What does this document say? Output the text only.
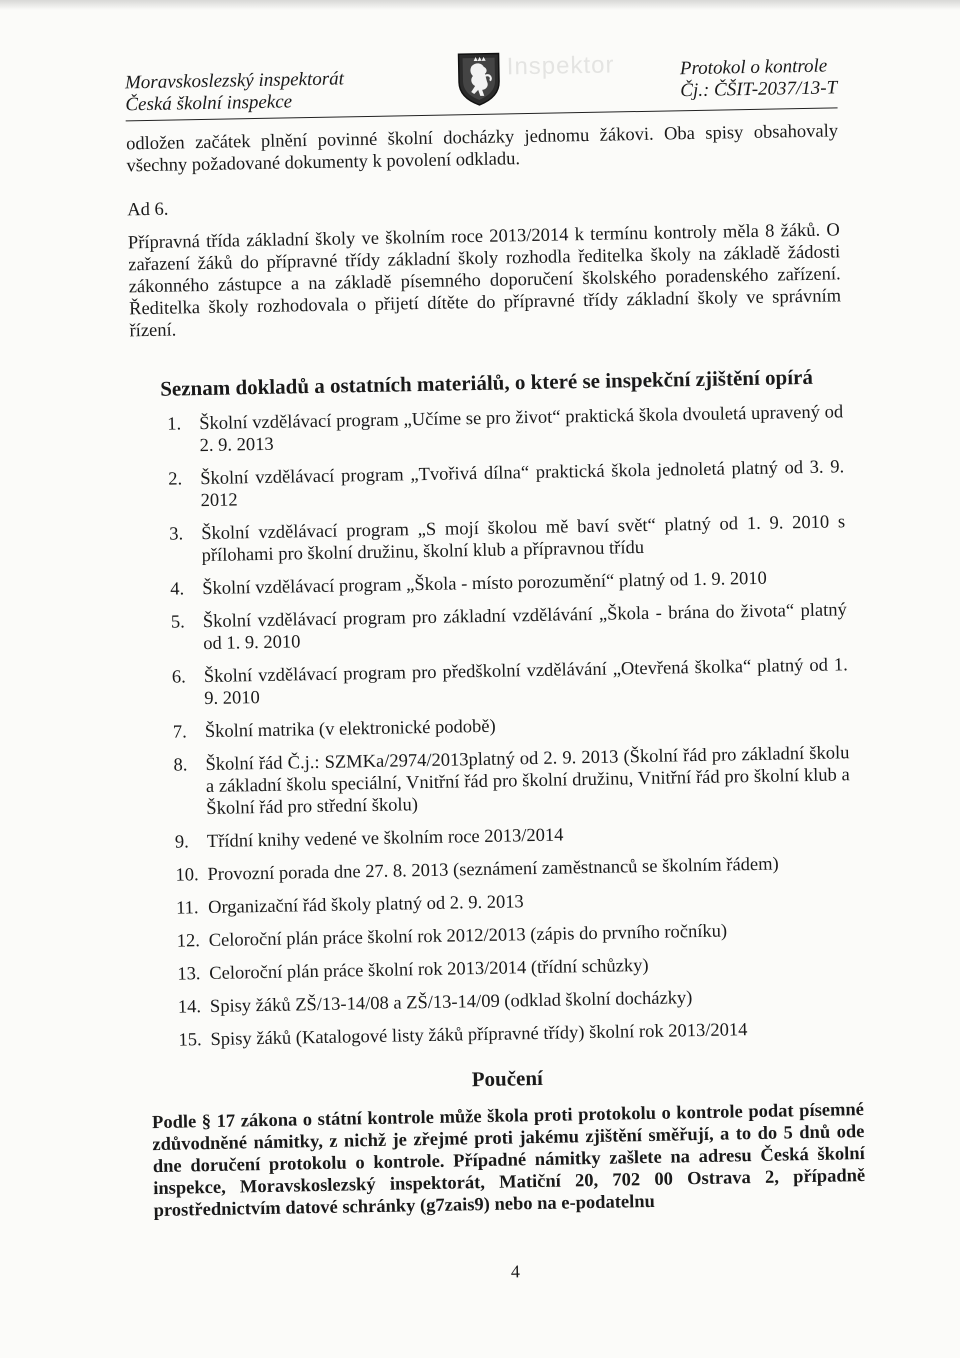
Moravskoslezský inspektorát
Česká školní inspekce
Inspektor	Protokol o kontrole
Čj.: ČŠIT-2037/13-T
odložen začátek plnění povinné školní docházky jednomu žákovi. Oba spisy obsahovaly všechny požadované dokumenty k povolení odkladu.
Ad 6.
Přípravná třída základní školy ve školním roce 2013/2014 k termínu kontroly měla 8 žáků. O zařazení žáků do přípravné třídy základní školy rozhodla ředitelka školy na základě žádosti zákonného zástupce a na základě písemného doporučení školského poradenského zařízení. Ředitelka školy rozhodovala o přijetí dítěte do přípravné třídy základní školy ve správním řízení.
Seznam dokladů a ostatních materiálů, o které se inspekční zjištění opírá
1. Školní vzdělávací program „Učíme se pro život“ praktická škola dvouletá upravený od 2. 9. 2013
2. Školní vzdělávací program „Tvořivá dílna“ praktická škola jednoletá platný od 3. 9. 2012
3. Školní vzdělávací program „S mojí školou mě baví svět“ platný od 1. 9. 2010 s přílohami pro školní družinu, školní klub a přípravnou třídu
4. Školní vzdělávací program „Škola - místo porozumění“ platný od 1. 9. 2010
5. Školní vzdělávací program pro základní vzdělávání „Škola - brána do života“ platný od 1. 9. 2010
6. Školní vzdělávací program pro předškolní vzdělávání „Otevřená školka“ platný od 1. 9. 2010
7. Školní matrika (v elektronické podobě)
8. Školní řád Č.j.: SZMKa/2974/2013platný od 2. 9. 2013 (Školní řád pro základní školu a základní školu speciální, Vnitřní řád pro školní družinu, Vnitřní řád pro školní klub a Školní řád pro střední školu)
9. Třídní knihy vedené ve školním roce 2013/2014
10. Provozní porada dne 27. 8. 2013 (seznámení zaměstnanců se školním řádem)
11. Organizační řád školy platný od 2. 9. 2013
12. Celoroční plán práce školní rok 2012/2013 (zápis do prvního ročníku)
13. Celoroční plán práce školní rok 2013/2014 (třídní schůzky)
14. Spisy žáků ZŠ/13-14/08 a ZŠ/13-14/09 (odklad školní docházky)
15. Spisy žáků (Katalogové listy žáků přípravné třídy) školní rok 2013/2014
Poučení
Podle § 17 zákona o státní kontrole může škola proti protokolu o kontrole podat písemné zdůvodněné námitky, z nichž je zřejmé proti jakému zjištění směřují, a to do 5 dnů ode dne doručení protokolu o kontrole. Případné námitky zašlete na adresu Česká školní inspekce, Moravskoslezský inspektorát, Matiční 20, 702 00 Ostrava 2, případně prostřednictvím datové schránky (g7zais9) nebo na e-podatelnu
4
